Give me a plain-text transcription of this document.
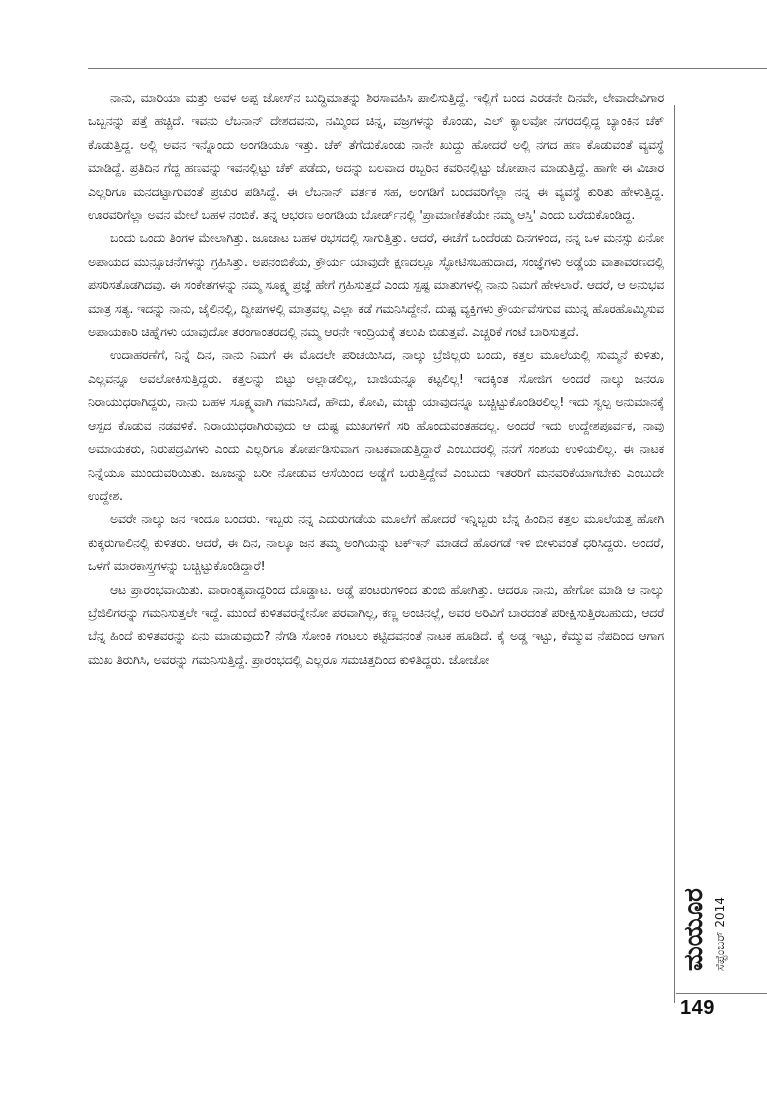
ನಾನು, ಮಾರಿಯಾ ಮತ್ತು ಅವಳ ಅಪ್ಪ ಜೋಸ್‌ನ ಬುದ್ಧಿಮಾತನ್ನು ಶಿರಸಾವಹಿಸಿ ಪಾಲಿಸುತ್ತಿದ್ದೆ. ಇಲ್ಲಿಗೆ ಬಂದ ಎರಡನೇ ದಿನವೇ, ಲೇವಾದೇವಿಗಾರ ಒಬ್ಬನನ್ನು ಪತ್ತೆ ಹಚ್ಚಿದೆ. ಇವನು ಲೆಬನಾನ್ ದೇಶದವನು, ನಮ್ಮಿಂದ ಚಿನ್ನ, ವಜ್ರಗಳನ್ನು ಕೊಂಡು, ಎಲ್ ಕ್ಯಾಲವೋ ನಗರದಲ್ಲಿದ್ದ ಬ್ಯಾಂಕಿನ ಚೆಕ್ ಕೊಡುತ್ತಿದ್ದ. ಅಲ್ಲಿ ಅವನ ಇನ್ನೊಂದು ಅಂಗಡಿಯೂ ಇತ್ತು. ಚೆಕ್ ತೆಗೆದುಕೊಂಡು ನಾನೇ ಖುದ್ದು ಹೋದರೆ ಅಲ್ಲಿ ನಗದ ಹಣ ಕೊಡುವಂತೆ ವ್ಯವಸ್ಥೆ ಮಾಡಿದ್ದೆ. ಪ್ರತಿದಿನ ಗೆದ್ದ ಹಣವನ್ನು ಇವನಲ್ಲಿಟ್ಟು ಚೆಕ್ ಪಡೆದು, ಅದನ್ನು ಬಲವಾದ ರಬ್ಬರಿನ ಕವರಿನಲ್ಲಿಟ್ಟು ಜೋಪಾನ ಮಾಡುತ್ತಿದ್ದೆ. ಹಾಗೇ ಈ ವಿಚಾರ ಎಲ್ಲರಿಗೂ ಮನದಟ್ಟಾಗುವಂತೆ ಪ್ರಚುರ ಪಡಿಸಿದ್ದೆ. ಈ ಲೆಬನಾನ್ ವರ್ತಕ ಸಹ, ಅಂಗಡಿಗೆ ಬಂದವರಿಗೆಲ್ಲಾ ನನ್ನ ಈ ವ್ಯವಸ್ಥೆ ಕುರಿತು ಹೇಳುತ್ತಿದ್ದ. ಊರವರಿಗೆಲ್ಲಾ ಅವನ ಮೇಲೆ ಬಹಳ ನಂಬಿಕೆ. ತನ್ನ ಆಭರಣ ಅಂಗಡಿಯ ಬೋರ್ಡ್‌ನಲ್ಲಿ 'ಪ್ರಾಮಾಣಿಕತೆಯೇ ನಮ್ಮ ಆಸ್ತಿ' ಎಂದು ಬರೆದುಕೊಂಡಿದ್ದ.

ಬಂದು ಒಂದು ತಿಂಗಳ ಮೇಲಾಗಿತ್ತು. ಜೂಜಾಟ ಬಹಳ ರಭಸದಲ್ಲಿ ಸಾಗುತ್ತಿತ್ತು. ಆದರೆ, ಈಚೆಗೆ ಒಂದೆರಡು ದಿನಗಳಿಂದ, ನನ್ನ ಒಳ ಮನಸ್ಸು ಏನೋ ಅಪಾಯದ ಮುನ್ಸೂಚನೆಗಳನ್ನು ಗ್ರಹಿಸಿತ್ತು. ಅಪನಂಬಿಕೆಯ, ಕ್ರೌರ್ಯ ಯಾವುದೇ ಕ್ಷಣದಲ್ಲೂ ಸ್ಫೋಟಿಸಬಹುದಾದ, ಸಂಜ್ಞೆಗಳು ಅಡ್ಡೆಯ ವಾತಾವರಣದಲ್ಲಿ ಪಸರಿಸತೊಡಗಿದವು. ಈ ಸಂಕೇತಗಳನ್ನು ನಮ್ಮ ಸೂಕ್ಷ್ಮ ಪ್ರಜ್ಞೆ ಹೇಗೆ ಗ್ರಹಿಸುತ್ತದೆ ಎಂದು ಸ್ಪಷ್ಟ ಮಾತುಗಳಲ್ಲಿ ನಾನು ನಿಮಗೆ ಹೇಳಲಾರೆ. ಆದರೆ, ಆ ಅನುಭವ ಮಾತ್ರ ಸತ್ಯ. ಇದನ್ನು ನಾನು, ಜೈಲಿನಲ್ಲಿ, ದ್ವೀಪಗಳಲ್ಲಿ ಮಾತ್ರವಲ್ಲ ಎಲ್ಲಾ ಕಡೆ ಗಮನಿಸಿದ್ದೇನೆ. ದುಷ್ಟ ವ್ಯಕ್ತಿಗಳು ಕ್ರೌರ್ಯವೆಸಗುವ ಮುನ್ನ ಹೊರಹೊಮ್ಮಿಸುವ ಅಪಾಯಕಾರಿ ಚಿಹ್ನೆಗಳು ಯಾವುದೋ ತರಂಗಾಂತರದಲ್ಲಿ ನಮ್ಮ ಆರನೇ ಇಂದ್ರಿಯಕ್ಕೆ ತಲುಪಿ ಬಿಡುತ್ತವೆ. ಎಚ್ಚರಿಕೆ ಗಂಟೆ ಬಾರಿಸುತ್ತದೆ.

ಉದಾಹರಣೆಗೆ, ನಿನ್ನೆ ದಿನ, ನಾನು ನಿಮಗೆ ಈ ಮೊದಲೇ ಪರಿಚಯಿಸಿದ, ನಾಲ್ಕು ಬ್ರೆಜಿಲ್ಲರು ಬಂದು, ಕತ್ತಲ ಮೂಲೆಯಲ್ಲಿ ಸುಮ್ಮನೆ ಕುಳಿತು, ಎಲ್ಲವನ್ನೂ ಅವಲೋಕಿಸುತ್ತಿದ್ದರು. ಕತ್ತಲನ್ನು ಬಿಟ್ಟು ಅಲ್ಲಾಡಲಿಲ್ಲ, ಬಾಜಿಯನ್ನೂ ಕಟ್ಟಲಿಲ್ಲ! ಇದಕ್ಕಿಂತ ಸೋಜಿಗ ಅಂದರೆ ನಾಲ್ಕು ಜನರೂ ನಿರಾಯುಧರಾಗಿದ್ದರು, ನಾನು ಬಹಳ ಸೂಕ್ಷ್ಮವಾಗಿ ಗಮನಿಸಿದೆ, ಹೌದು, ಕೋವಿ, ಮಚ್ಚು ಯಾವುದನ್ನೂ ಬಚ್ಚಿಟ್ಟುಕೊಂಡಿರಲಿಲ್ಲ! ಇದು ಸ್ವಲ್ಪ ಅನುಮಾನಕ್ಕೆ ಆಸ್ಪದ ಕೊಡುವ ನಡವಳಿಕೆ. ನಿರಾಯುಧರಾಗಿರುವುದು ಆ ದುಷ್ಟ ಮುಖಗಳಿಗೆ ಸರಿ ಹೊಂದುವಂತಹದಲ್ಲ. ಅಂದರೆ ಇದು ಉದ್ದೇಶಪೂರ್ವಕ, ನಾವು ಅಮಾಯಕರು, ನಿರುಪದ್ರವಿಗಳು ಎಂದು ಎಲ್ಲರಿಗೂ ತೋರ್ಪಡಿಸುವಾಗ ನಾಟಕವಾಡುತ್ತಿದ್ದಾರೆ ಎಂಬುದರಲ್ಲಿ ನನಗೆ ಸಂಶಯ ಉಳಿಯಲಿಲ್ಲ. ಈ ನಾಟಕ ನಿನ್ನೆಯೂ ಮುಂದುವರಿಯಿತು. ಜೂಜನ್ನು ಬರೀ ನೋಡುವ ಆಸೆಯಿಂದ ಅಡ್ಡೆಗೆ ಬರುತ್ತಿದ್ದೇವೆ ಎಂಬುದು ಇತರರಿಗೆ ಮನವರಿಕೆಯಾಗಬೇಕು ಎಂಬುದೇ ಉದ್ದೇಶ.

ಅವರೇ ನಾಲ್ಕು ಜನ ಇಂದೂ ಬಂದರು. ಇಬ್ಬರು ನನ್ನ ಎದುರುಗಡೆಯ ಮೂಲೆಗೆ ಹೋದರೆ ಇನ್ನಿಬ್ಬರು ಬೆನ್ನ ಹಿಂದಿನ ಕತ್ತಲ ಮೂಲೆಯತ್ತ ಹೋಗಿ ಕುಕ್ಕರುಗಾಲಿನಲ್ಲಿ ಕುಳಿತರು. ಆದರೆ, ಈ ದಿನ, ನಾಲ್ಕೂ ಜನ ತಮ್ಮ ಅಂಗಿಯನ್ನು ಟಕ್‌ಇನ್ ಮಾಡದೆ ಹೊರಗಡೆ ಇಳಿ ಬೀಳುವಂತೆ ಧರಿಸಿದ್ದರು. ಅಂದರೆ, ಒಳಗೆ ಮಾರಕಾಸ್ತ್ರಗಳನ್ನು ಬಚ್ಚಿಟ್ಟುಕೊಂಡಿದ್ದಾರೆ!

ಆಟ ಪ್ರಾರಂಭವಾಯಿತು. ವಾರಾಂತ್ಯವಾದ್ದರಿಂದ ದೊಡ್ಡಾಟ. ಅಡ್ಡೆ ಪಂಟರುಗಳಿಂದ ತುಂಬಿ ಹೋಗಿತ್ತು. ಆದರೂ ನಾನು, ಹೇಗೋ ಮಾಡಿ ಆ ನಾಲ್ಕು ಬ್ರೆಜಿಲಿಗರನ್ನು ಗಮನಿಸುತ್ತಲೇ ಇದ್ದೆ. ಮುಂದೆ ಕುಳಿತವರನ್ನೇನೋ ಪರವಾಗಿಲ್ಲ, ಕಣ್ಣ ಅಂಚಿನಲ್ಲೆ, ಅವರ ಅರಿವಿಗೆ ಬಾರದಂತೆ ಪರೀಕ್ಷಿಸುತ್ತಿರಬಹುದು, ಆದರೆ ಬೆನ್ನ ಹಿಂದೆ ಕುಳಿತವರನ್ನು ಏನು ಮಾಡುವುದು? ನೆಗಡಿ ಸೋಂಕಿ ಗಂಟಲು ಕಟ್ಟಿದವನಂತೆ ನಾಟಕ ಹೂಡಿದೆ. ಕೈ ಅಡ್ಡ ಇಟ್ಟು, ಕೆಮ್ಮುವ ನೆಪದಿಂದ ಆಗಾಗ ಮುಖ ತಿರುಗಿಸಿ, ಅವರನ್ನು ಗಮನಿಸುತ್ತಿದ್ದೆ. ಪ್ರಾರಂಭದಲ್ಲಿ ಎಲ್ಲರೂ ಸಮಚಿತ್ತದಿಂದ ಕುಳಿತಿದ್ದರು. ಜೋಜೋ

ಮಯೂರ ಸೆಪ್ಟೆಂಬರ್ 2014
149
